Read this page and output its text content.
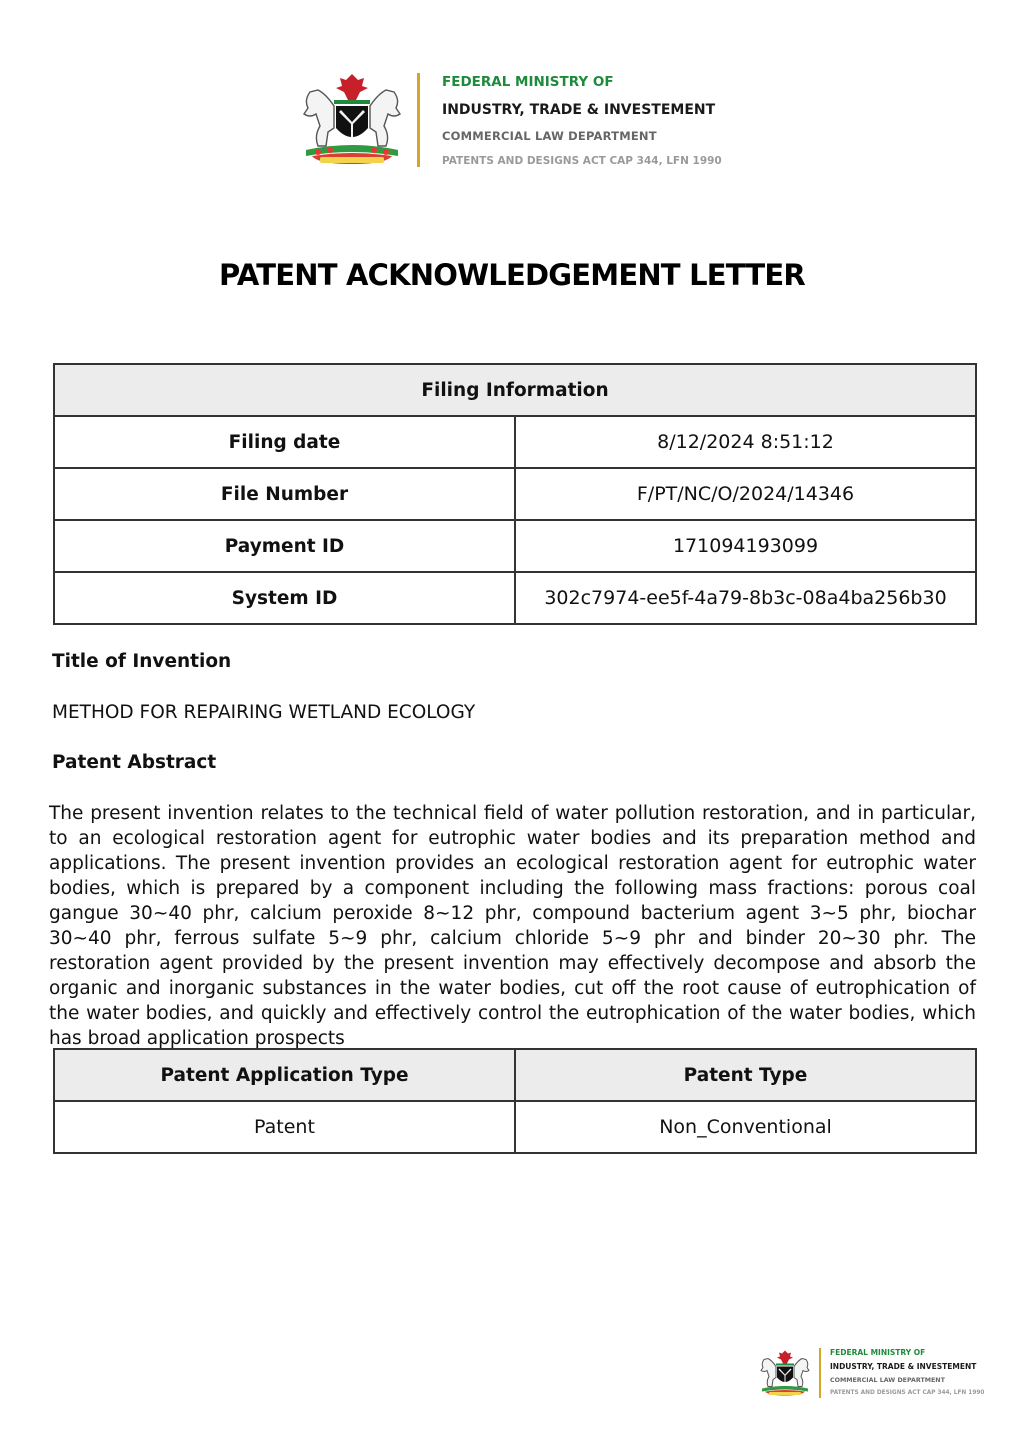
FEDERAL MINISTRY OF
INDUSTRY, TRADE & INVESTEMENT
COMMERCIAL LAW DEPARTMENT
PATENTS AND DESIGNS ACT CAP 344, LFN 1990
PATENT ACKNOWLEDGEMENT LETTER
Filing Information	
Filing date	8/12/2024 8:51:12
File Number	F/PT/NC/O/2024/14346
Payment ID	171094193099
System ID	302c7974-ee5f-4a79-8b3c-08a4ba256b30
Title of Invention
METHOD FOR REPAIRING WETLAND ECOLOGY
Patent Abstract
The present invention relates to the technical field of water pollution restoration, and in particular, to an ecological restoration agent for eutrophic water bodies and its preparation method and applications. The present invention provides an ecological restoration agent for eutrophic water bodies, which is prepared by a component including the following mass fractions: porous coal gangue 30~40 phr, calcium peroxide 8~12 phr, compound bacterium agent 3~5 phr, biochar 30~40 phr, ferrous sulfate 5~9 phr, calcium chloride 5~9 phr and binder 20~30 phr. The restoration agent provided by the present invention may effectively decompose and absorb the organic and inorganic substances in the water bodies, cut off the root cause of eutrophication of the water bodies, and quickly and effectively control the eutrophication of the water bodies, which has broad application prospects
Patent Application Type	Patent Type
Patent	Non_Conventional
FEDERAL MINISTRY OF
INDUSTRY, TRADE & INVESTEMENT
COMMERCIAL LAW DEPARTMENT
PATENTS AND DESIGNS ACT CAP 344, LFN 1990
